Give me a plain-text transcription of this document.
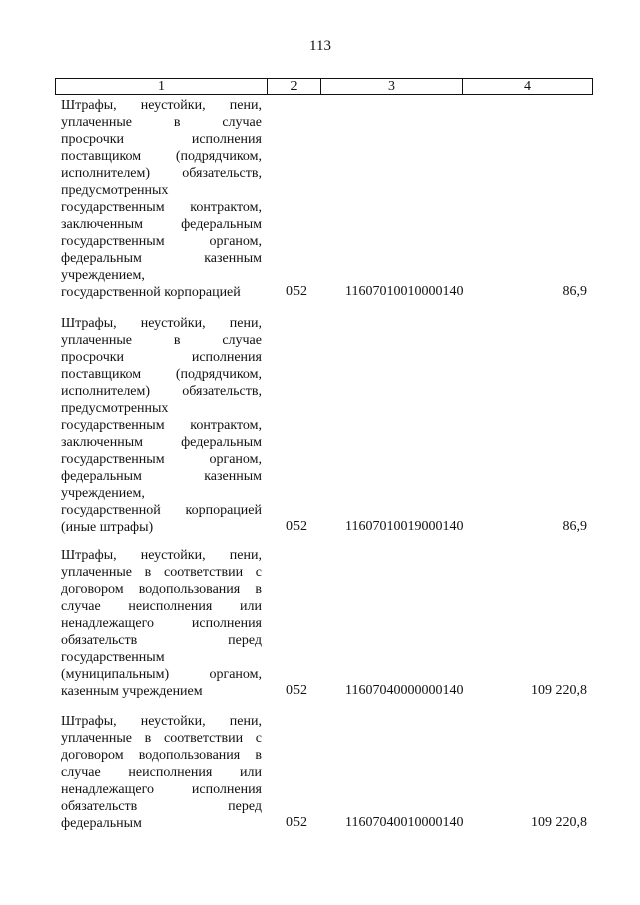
113
1	2	3	4
Штрафы, неустойки, пени,
уплаченные в случае
просрочки исполнения
поставщиком (подрядчиком,
исполнителем) обязательств,
предусмотренных
государственным контрактом,
заключенным федеральным
государственным органом,
федеральным казенным
учреждением,
государственной корпорацией	052	11607010010000140	86,9
Штрафы, неустойки, пени,
уплаченные в случае
просрочки исполнения
поставщиком (подрядчиком,
исполнителем) обязательств,
предусмотренных
государственным контрактом,
заключенным федеральным
государственным органом,
федеральным казенным
учреждением,
государственной корпорацией
(иные штрафы)	052	11607010019000140	86,9
Штрафы, неустойки, пени,
уплаченные в соответствии с
договором водопользования в
случае неисполнения или
ненадлежащего исполнения
обязательств перед
государственным
(муниципальным) органом,
казенным учреждением	052	11607040000000140	109 220,8
Штрафы, неустойки, пени,
уплаченные в соответствии с
договором водопользования в
случае неисполнения или
ненадлежащего исполнения
обязательств перед
федеральным	052	11607040010000140	109 220,8
